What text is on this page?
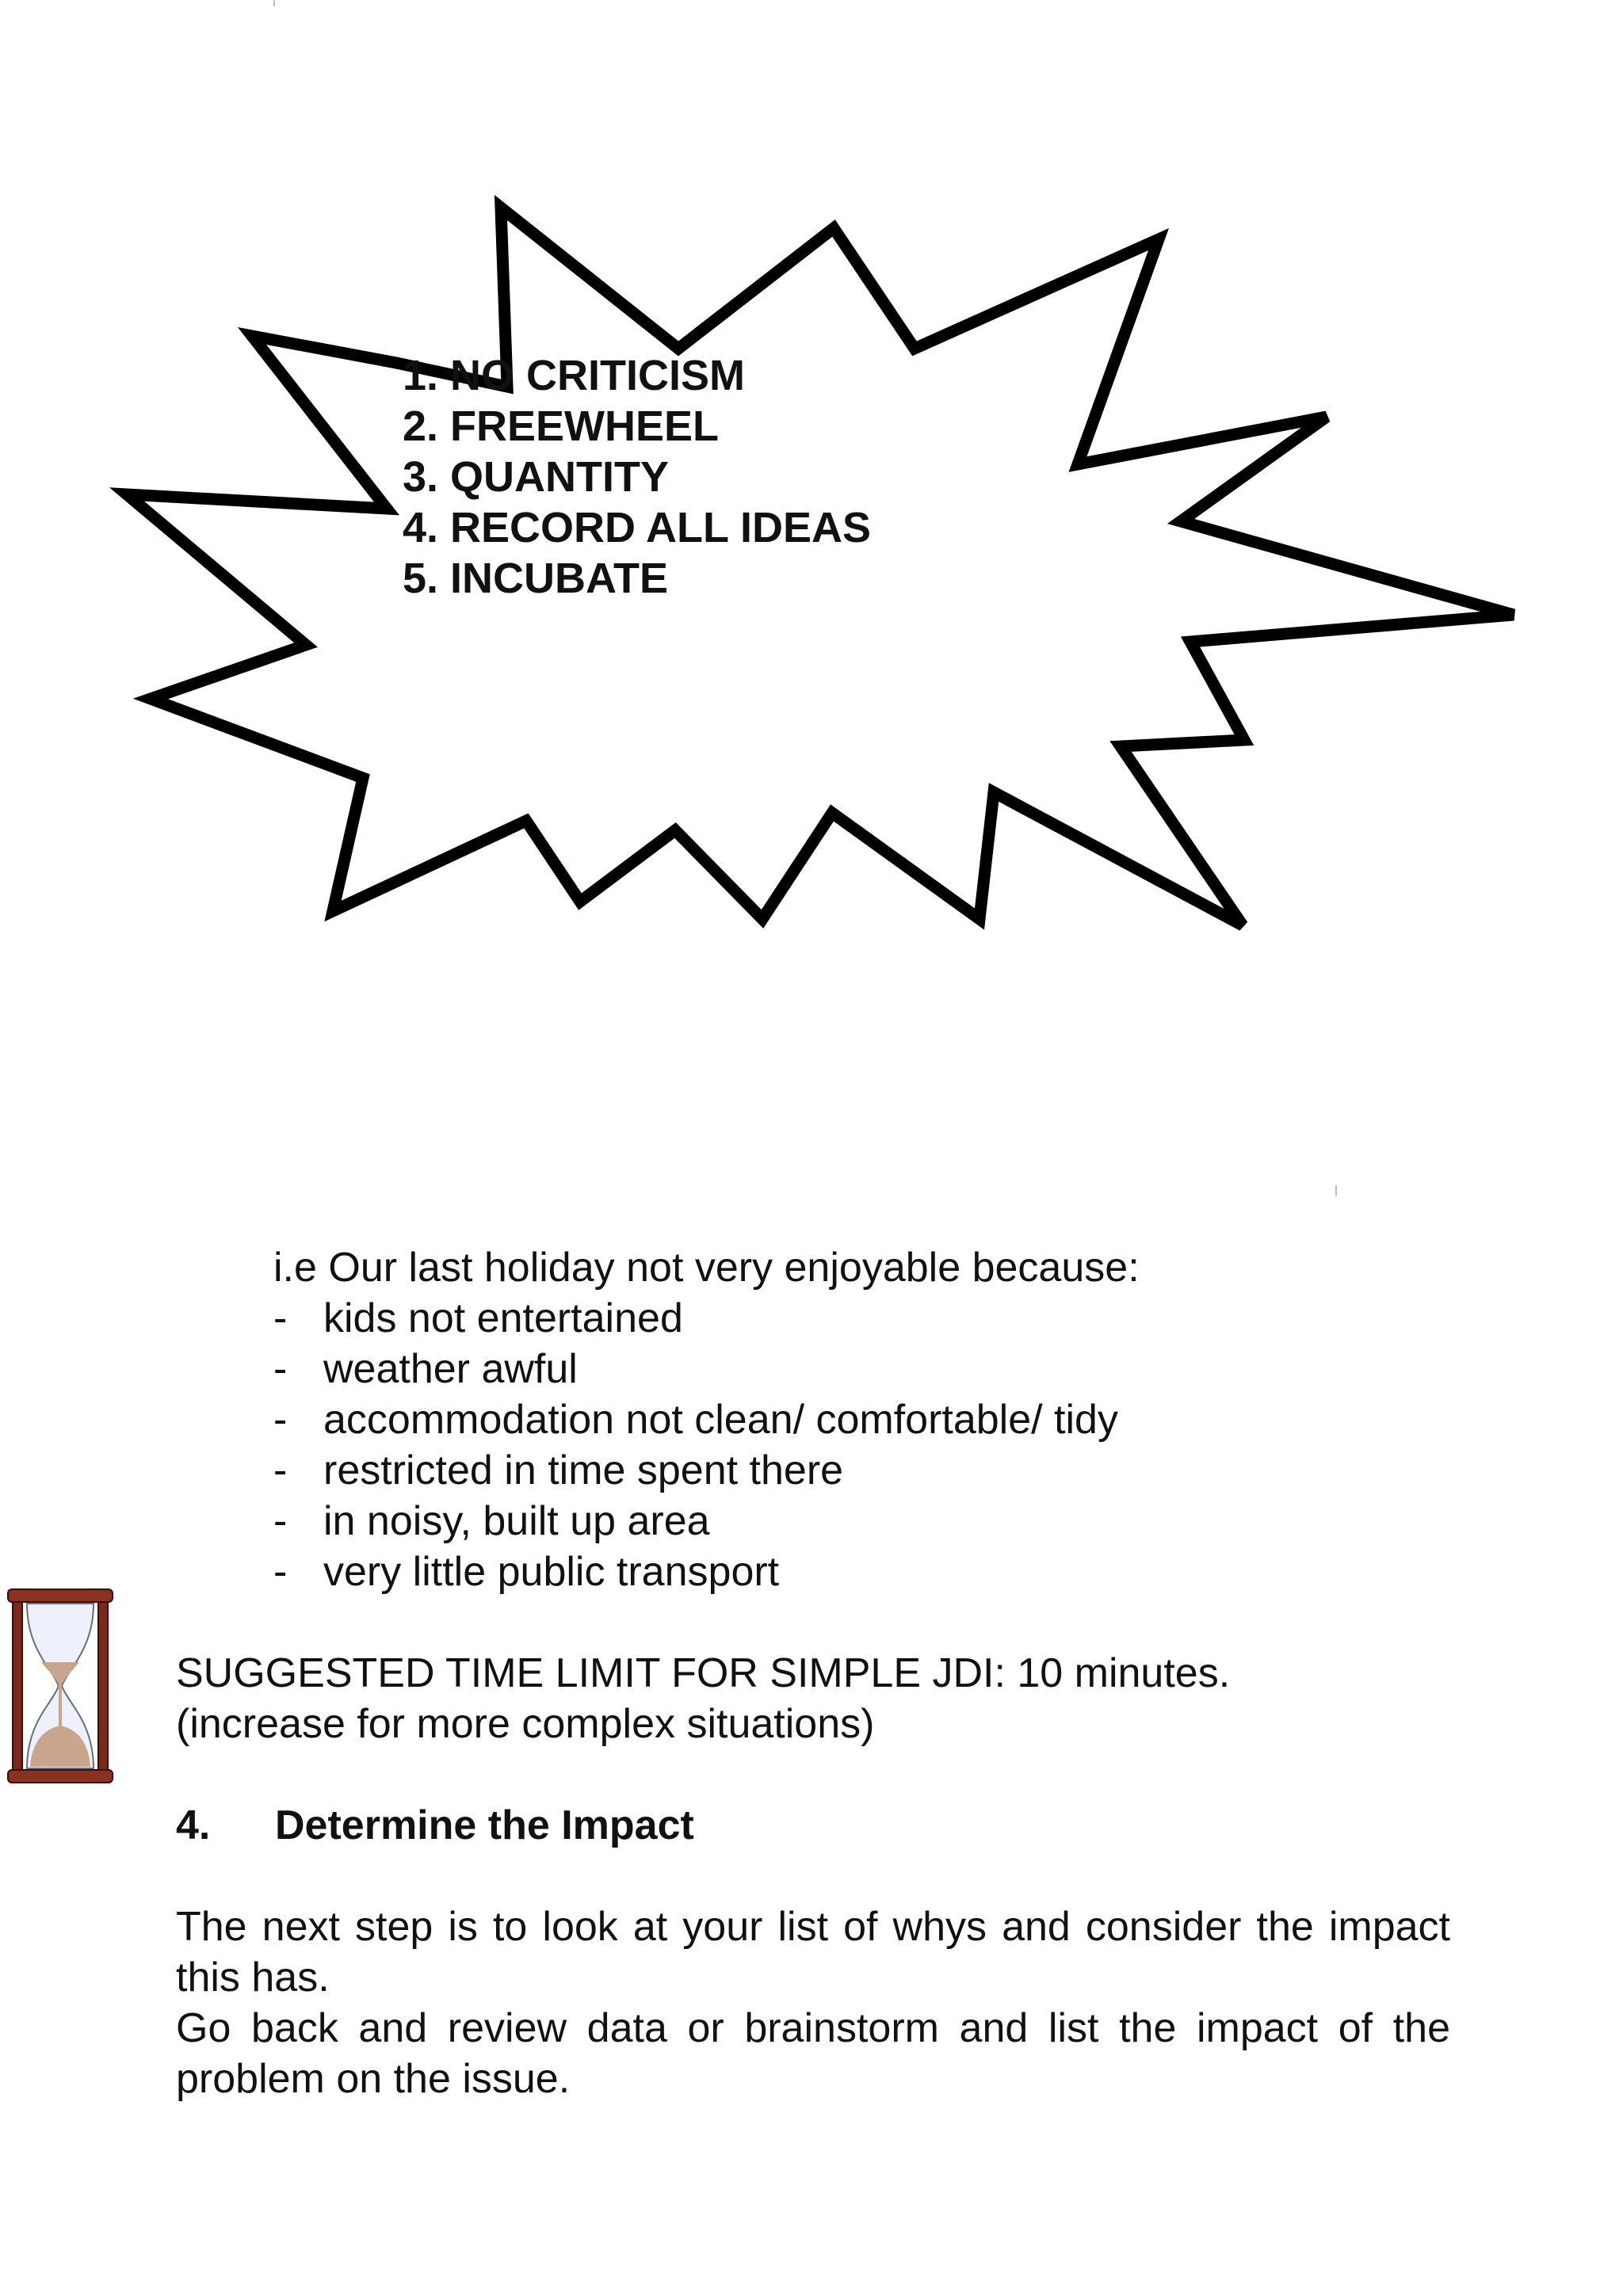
1. NO CRITICISM
2. FREEWHEEL
3. QUANTITY
4. RECORD ALL IDEAS
5. INCUBATE
i.e Our last holiday not very enjoyable because:
- kids not entertained
- weather awful
- accommodation not clean/ comfortable/ tidy
- restricted in time spent there
- in noisy, built up area
- very little public transport
SUGGESTED TIME LIMIT FOR SIMPLE JDI: 10 minutes.
(increase for more complex situations)
4. Determine the Impact

The next step is to look at your list of whys and consider the impact this has.

Go back and review data or brainstorm and list the impact of the problem on the issue.
